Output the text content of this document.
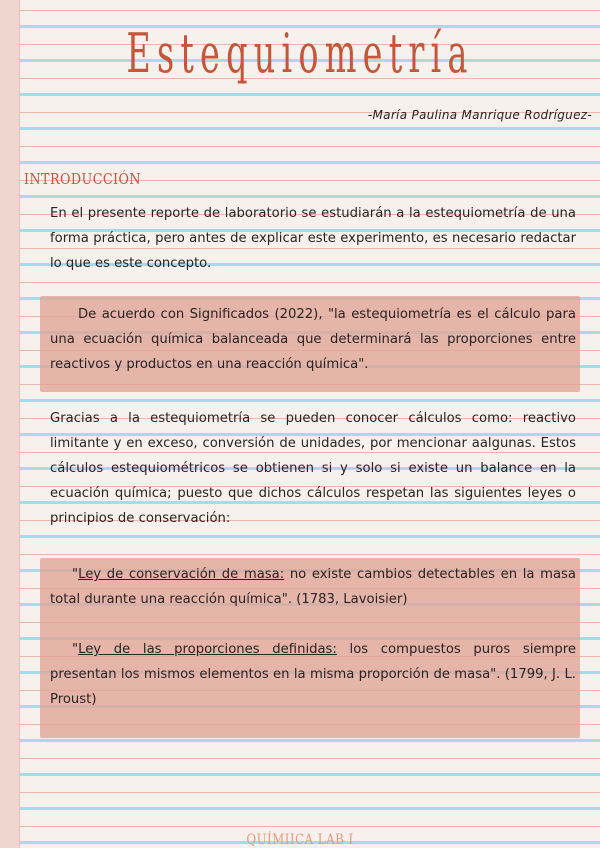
Estequiometría
-María Paulina Manrique Rodríguez-
INTRODUCCIÓN

En el presente reporte de laboratorio se estudiarán a la estequiometría de una forma práctica, pero antes de explicar este experimento, es necesario redactar lo que es este concepto.

De acuerdo con Significados (2022), "la estequiometría es el cálculo para una ecuación química balanceada que determinará las proporciones entre reactivos y productos en una reacción química".

Gracias a la estequiometría se pueden conocer cálculos como: reactivo limitante y en exceso, conversión de unidades, por mencionar aalgunas. Estos cálculos estequiométricos se obtienen si y solo si existe un balance en la ecuación química; puesto que dichos cálculos respetan las siguientes leyes o principios de conservación:

"Ley de conservación de masa: no existe cambios detectables en la masa total durante una reacción química". (1783, Lavoisier)

"Ley de las proporciones definidas: los compuestos puros siempre presentan los mismos elementos en la misma proporción de masa". (1799, J. L. Proust)

QUÍMIICA LAB I
